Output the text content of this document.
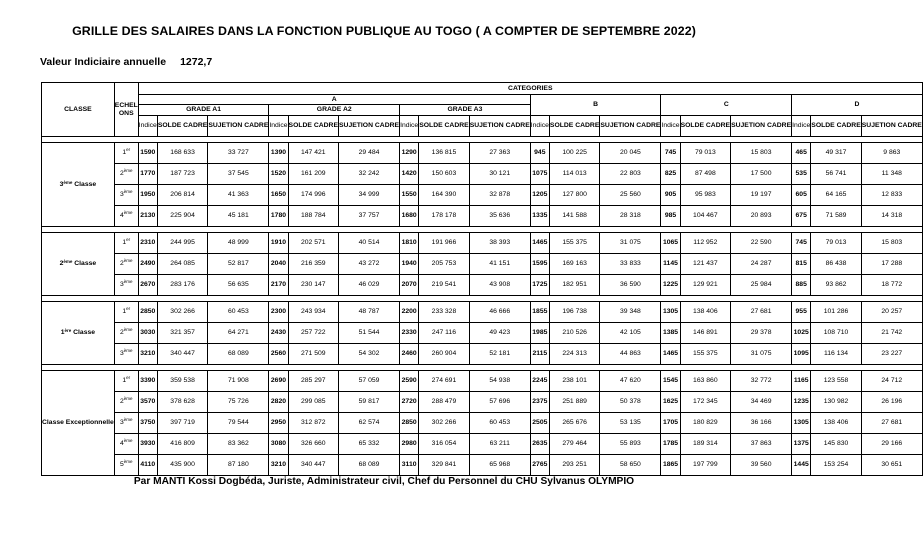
GRILLE DES SALAIRES DANS LA FONCTION PUBLIQUE AU TOGO ( A COMPTER DE SEPTEMBRE 2022)
Valeur Indiciaire annuelle 1272,7
CLASSE	ECHEL ONS	CATEGORIES																	
		A									B			C			D		
		GRADE A1			GRADE A2			GRADE A3											
		Indice	SOLDE CADRE	SUJETION CADRE	Indice	SOLDE CADRE	SUJETION CADRE	Indice	SOLDE CADRE	SUJETION CADRE	Indice	SOLDE CADRE	SUJETION CADRE	Indice	SOLDE CADRE	SUJETION CADRE	Indice	SOLDE CADRE	SUJETION CADRE

3ème Classe	1er	1590	168 633	33 727	1390	147 421	29 484	1290	136 815	27 363	945	100 225	20 045	745	79 013	15 803	465	49 317	9 863
	2ème	1770	187 723	37 545	1520	161 209	32 242	1420	150 603	30 121	1075	114 013	22 803	825	87 498	17 500	535	56 741	11 348
	3ème	1950	206 814	41 363	1650	174 996	34 999	1550	164 390	32 878	1205	127 800	25 560	905	95 983	19 197	605	64 165	12 833
	4ème	2130	225 904	45 181	1780	188 784	37 757	1680	178 178	35 636	1335	141 588	28 318	985	104 467	20 893	675	71 589	14 318

2ème Classe	1er	2310	244 995	48 999	1910	202 571	40 514	1810	191 966	38 393	1465	155 375	31 075	1065	112 952	22 590	745	79 013	15 803
	2ème	2490	264 085	52 817	2040	216 359	43 272	1940	205 753	41 151	1595	169 163	33 833	1145	121 437	24 287	815	86 438	17 288
	3ème	2670	283 176	56 635	2170	230 147	46 029	2070	219 541	43 908	1725	182 951	36 590	1225	129 921	25 984	885	93 862	18 772

1ère Classe	1er	2850	302 266	60 453	2300	243 934	48 787	2200	233 328	46 666	1855	196 738	39 348	1305	138 406	27 681	955	101 286	20 257
	2ème	3030	321 357	64 271	2430	257 722	51 544	2330	247 116	49 423	1985	210 526	42 105	1385	146 891	29 378	1025	108 710	21 742
	3ème	3210	340 447	68 089	2560	271 509	54 302	2460	260 904	52 181	2115	224 313	44 863	1465	155 375	31 075	1095	116 134	23 227

Classe Exceptionnelle	1er	3390	359 538	71 908	2690	285 297	57 059	2590	274 691	54 938	2245	238 101	47 620	1545	163 860	32 772	1165	123 558	24 712
	2ème	3570	378 628	75 726	2820	299 085	59 817	2720	288 479	57 696	2375	251 889	50 378	1625	172 345	34 469	1235	130 982	26 196
	3ème	3750	397 719	79 544	2950	312 872	62 574	2850	302 266	60 453	2505	265 676	53 135	1705	180 829	36 166	1305	138 406	27 681
	4ème	3930	416 809	83 362	3080	326 660	65 332	2980	316 054	63 211	2635	279 464	55 893	1785	189 314	37 863	1375	145 830	29 166
	5ème	4110	435 900	87 180	3210	340 447	68 089	3110	329 841	65 968	2765	293 251	58 650	1865	197 799	39 560	1445	153 254	30 651
Par MANTI Kossi Dogbéda, Juriste, Administrateur civil, Chef du Personnel du CHU Sylvanus OLYMPIO
